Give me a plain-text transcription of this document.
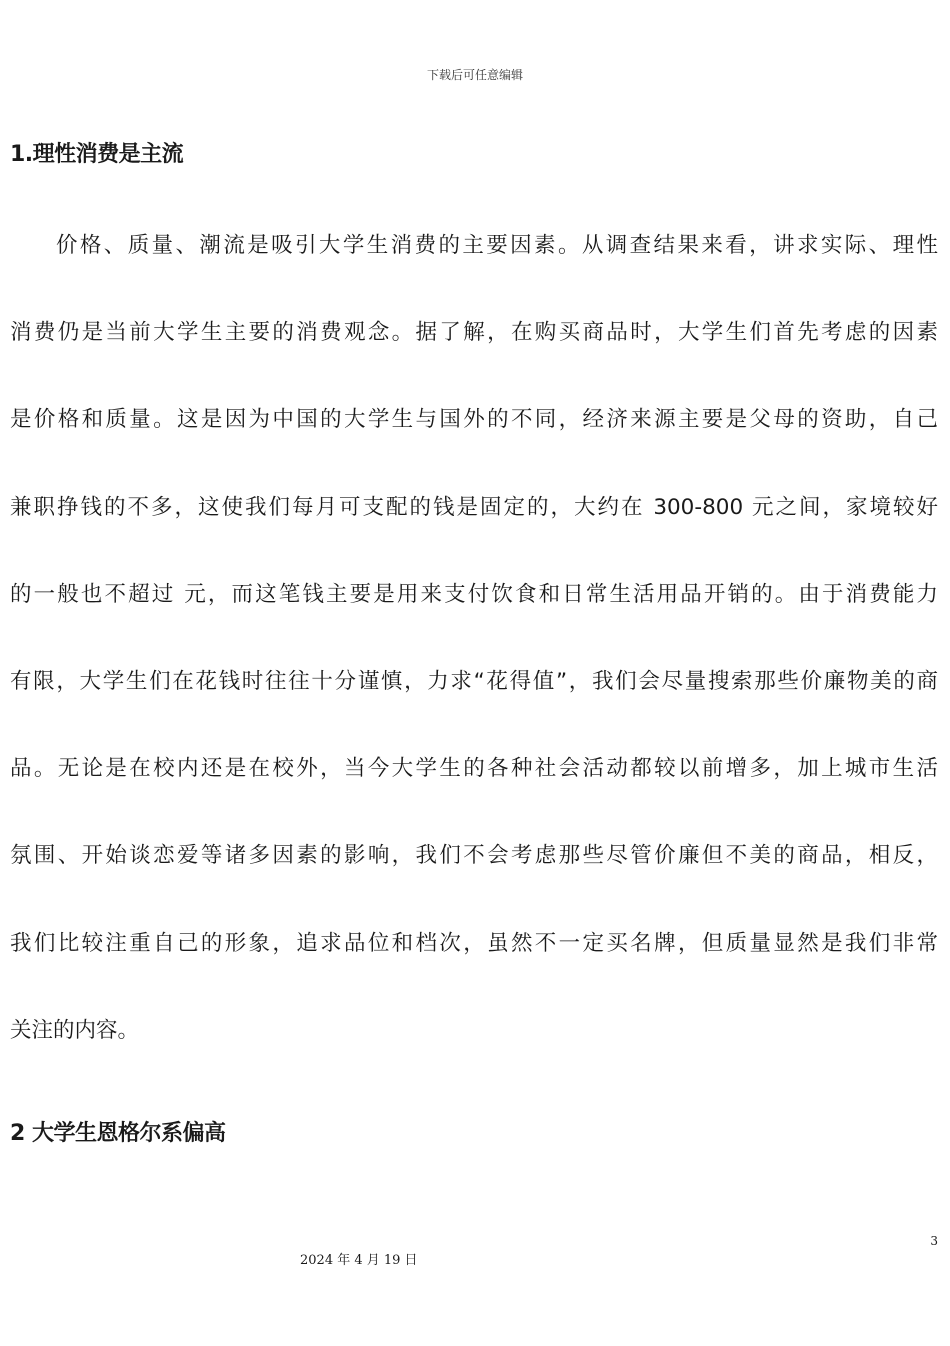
下载后可任意编辑
1.理性消费是主流
价格、质量、潮流是吸引大学生消费的主要因素。从调查结果来看，讲求实际、理性
消费仍是当前大学生主要的消费观念。据了解，在购买商品时，大学生们首先考虑的因素
是价格和质量。这是因为中国的大学生与国外的不同，经济来源主要是父母的资助，自己
兼职挣钱的不多，这使我们每月可支配的钱是固定的，大约在 300-800 元之间，家境较好
的一般也不超过 元，而这笔钱主要是用来支付饮食和日常生活用品开销的。由于消费能力
有限，大学生们在花钱时往往十分谨慎，力求“花得值”，我们会尽量搜索那些价廉物美的商
品。无论是在校内还是在校外，当今大学生的各种社会活动都较以前增多，加上城市生活
氛围、开始谈恋爱等诸多因素的影响，我们不会考虑那些尽管价廉但不美的商品，相反，
我们比较注重自己的形象，追求品位和档次，虽然不一定买名牌，但质量显然是我们非常
关注的内容。
2 大学生恩格尔系偏高
3
2024 年 4 月 19 日
